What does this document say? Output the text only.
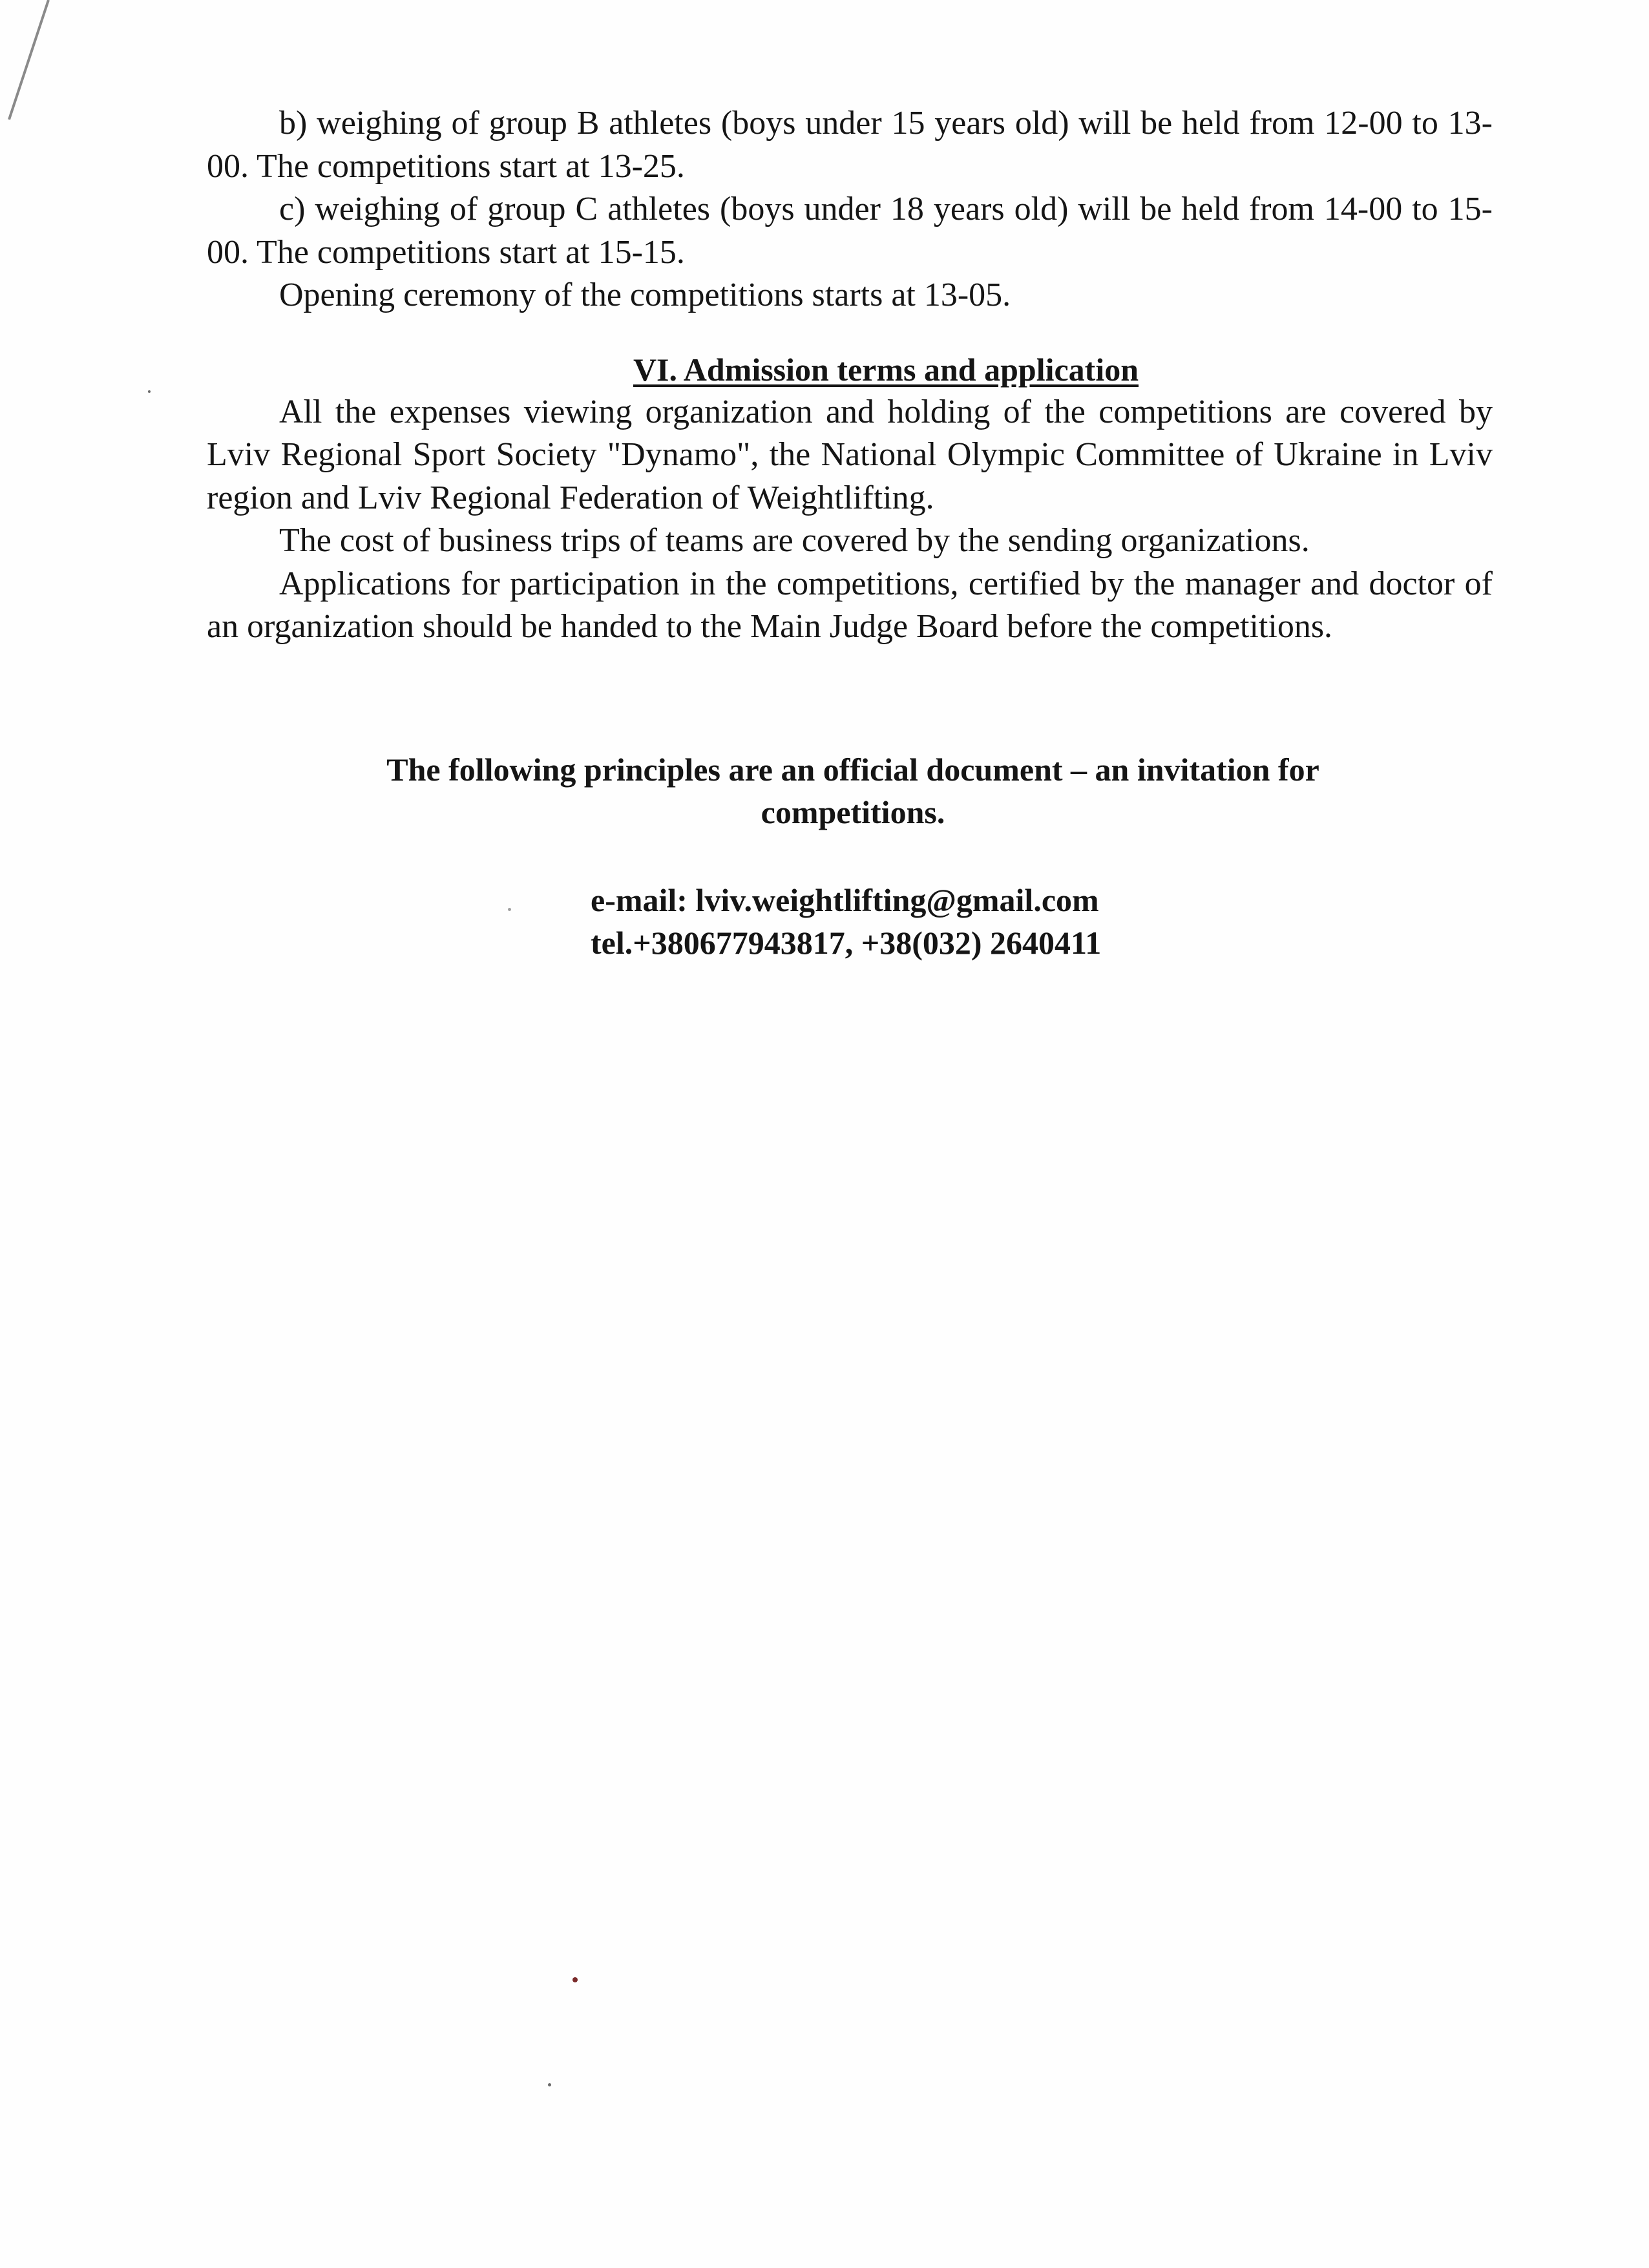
b) weighing of group B athletes (boys under 15 years old) will be held from 12-00 to 13-00. The competitions start at 13-25.

c) weighing of group C athletes (boys under 18 years old) will be held from 14-00 to 15-00. The competitions start at 15-15.

Opening ceremony of the competitions starts at 13-05.

VI. Admission terms and application

All the expenses viewing organization and holding of the competitions are covered by Lviv Regional Sport Society "Dynamo", the National Olympic Committee of Ukraine in Lviv region and Lviv Regional Federation of Weightlifting.

The cost of business trips of teams are covered by the sending organizations.

Applications for participation in the competitions, certified by the manager and doctor of an organization should be handed to the Main Judge Board before the competitions.

The following principles are an official document – an invitation for
competitions.
e-mail: lviv.weightlifting@gmail.com
tel.+380677943817, +38(032) 2640411
